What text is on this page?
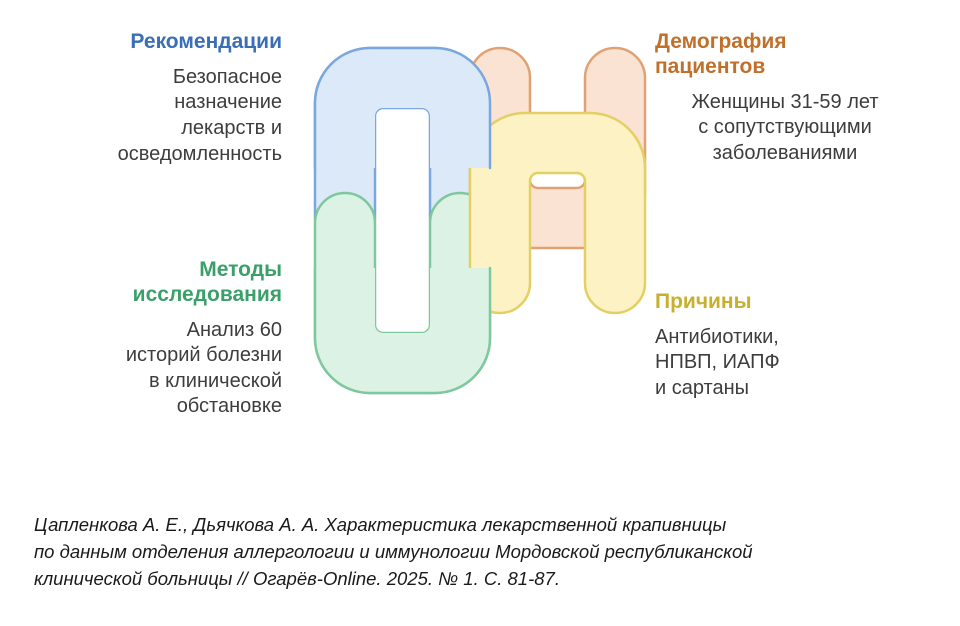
Рекомендации

Безопасное
назначение
лекарств и
осведомленность

Демография
пациентов

Женщины 31-59 лет
с сопутствующими
заболеваниями

Методы
исследования

Анализ 60
историй болезни
в клинической
обстановке

Причины

Антибиотики,
НПВП, ИАПФ
и сартаны

Цапленкова А. Е., Дьячкова А. А. Характеристика лекарственной крапивницы
по данным отделения аллергологии и иммунологии Мордовской республиканской
клинической больницы // Огарёв-Online. 2025. № 1. С. 81-87.
